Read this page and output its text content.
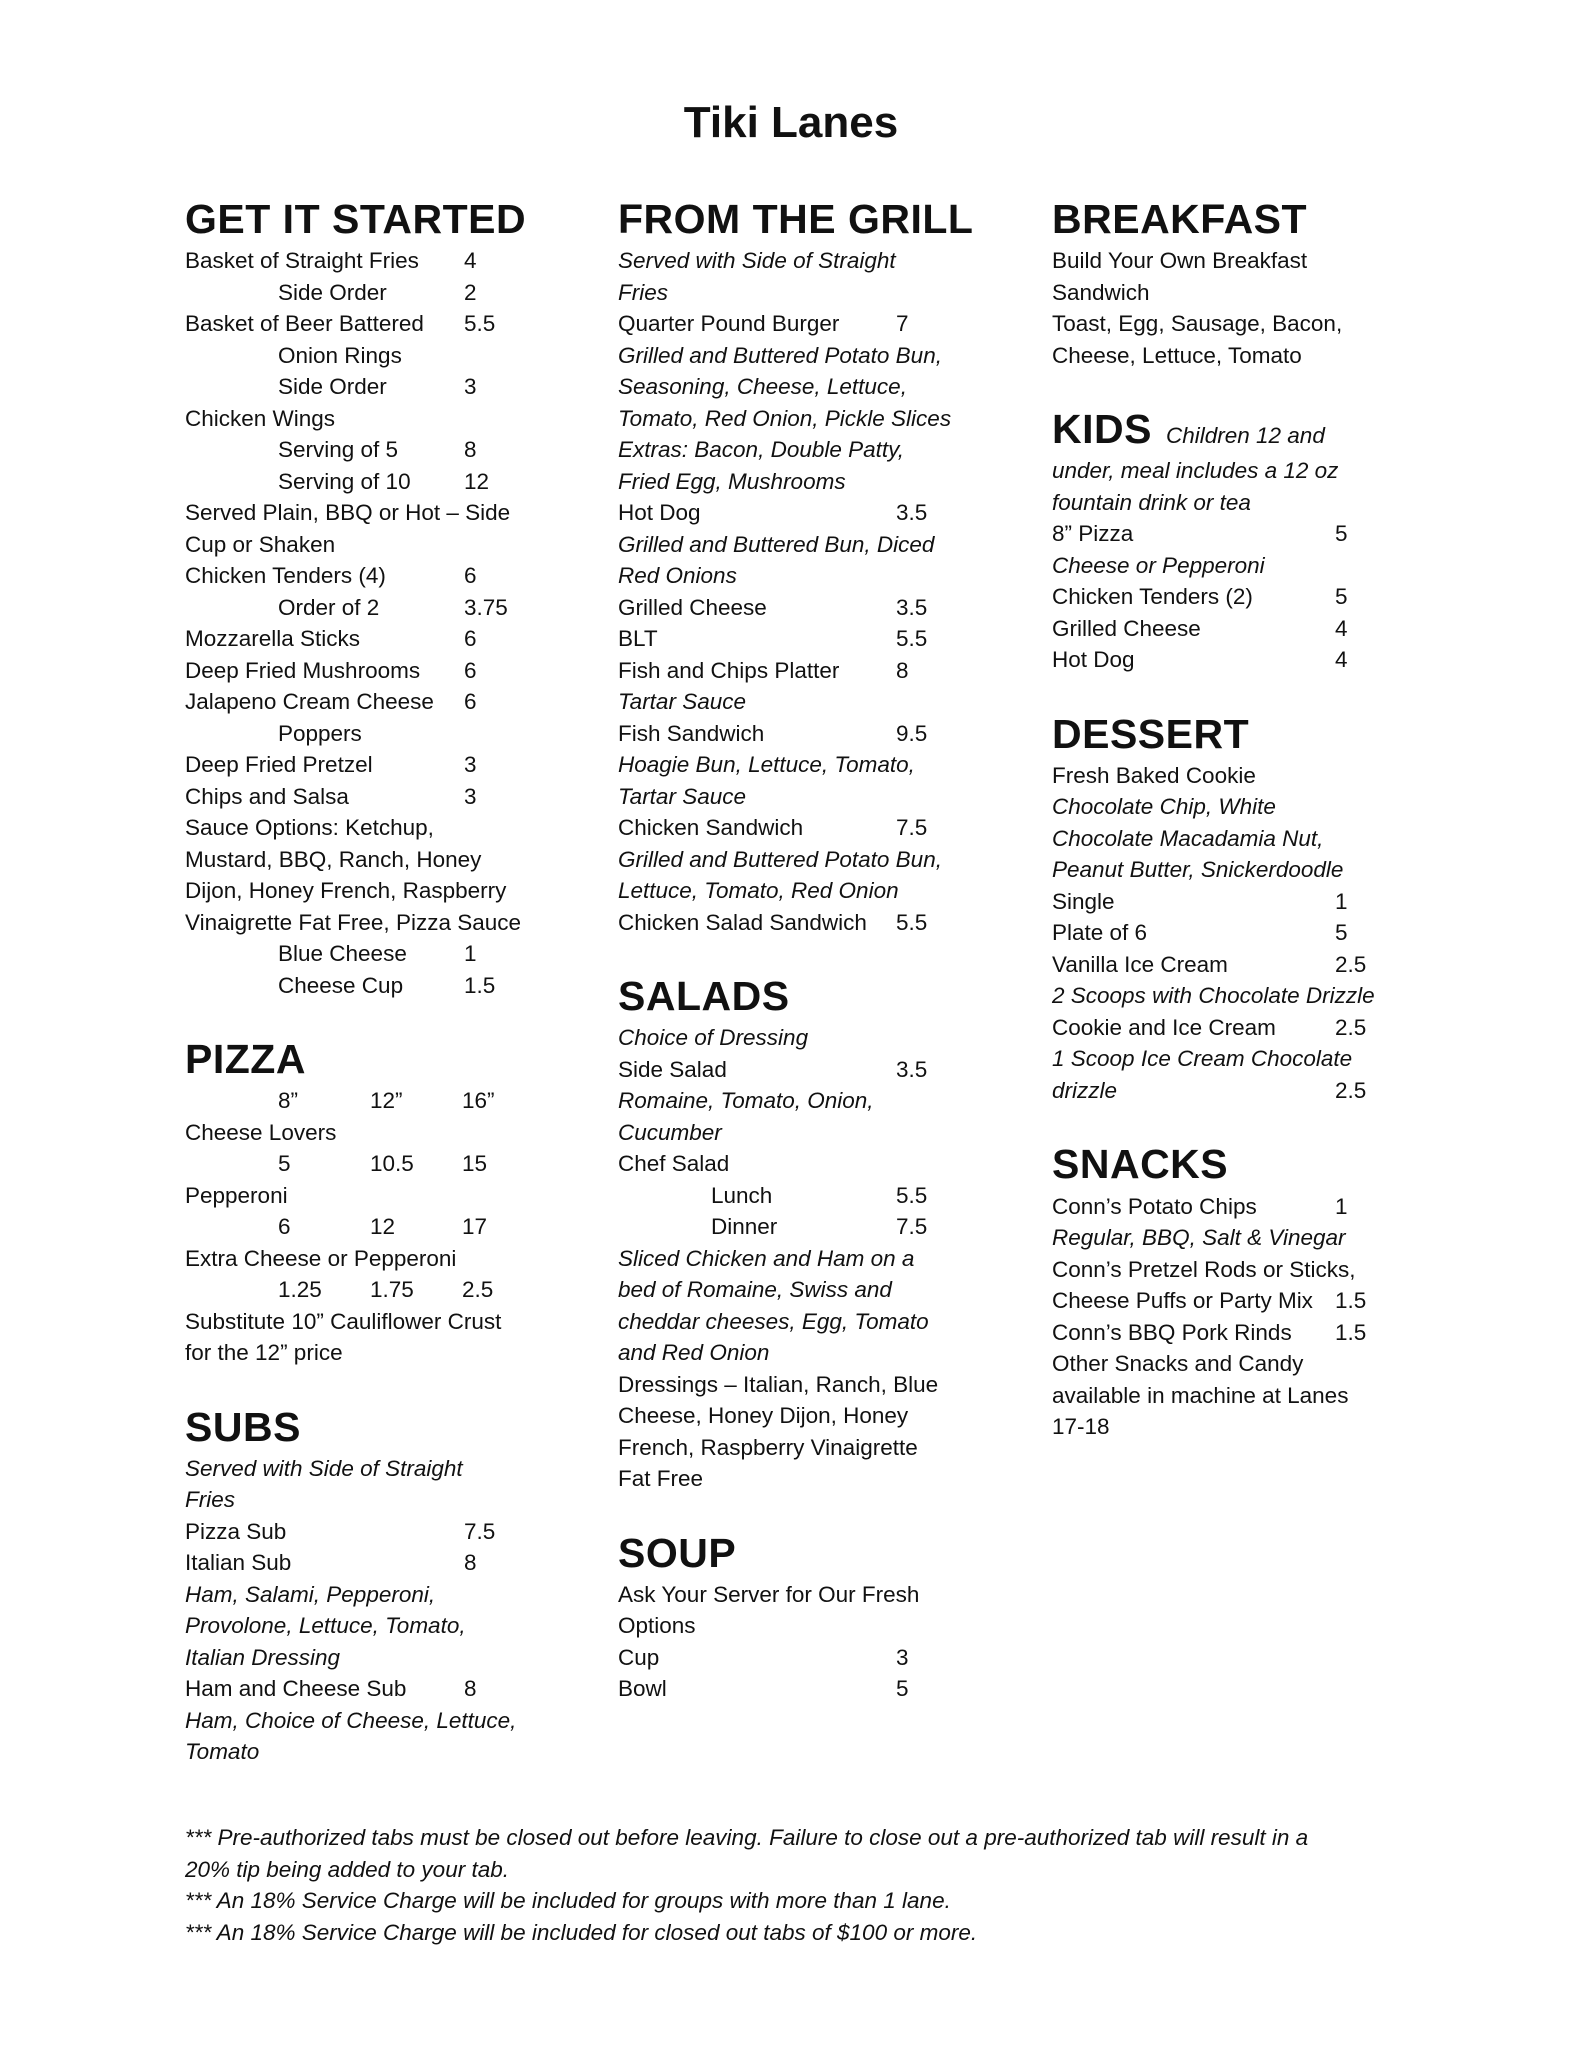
Tiki Lanes
GET IT STARTED
Basket of Straight Fries 4
Side Order	2
Basket of Beer Battered 5.5
Onion Rings
Side Order	3
Chicken Wings
Serving of 5	8
Serving of 10 12
Served Plain, BBQ or Hot – Side
Cup or Shaken
Chicken Tenders (4)	6
Order of 2	3.75
Mozzarella Sticks	6
Deep Fried Mushrooms 6
Jalapeno Cream Cheese 6
Poppers
Deep Fried Pretzel	3
Chips and Salsa	3
Sauce Options: Ketchup,
Mustard, BBQ, Ranch, Honey
Dijon, Honey French, Raspberry
Vinaigrette Fat Free, Pizza Sauce
Blue Cheese	1
Cheese Cup	1.5
PIZZA
8”	12”	16”
Cheese Lovers
5	10.5 15
Pepperoni
6	12	17
Extra Cheese or Pepperoni
1.25 1.75 2.5
Substitute 10” Cauliflower Crust
for the 12” price
SUBS
Served with Side of Straight
Fries
Pizza Sub	7.5
Italian Sub	8
Ham, Salami, Pepperoni,
Provolone, Lettuce, Tomato,
Italian Dressing
Ham and Cheese Sub	8
Ham, Choice of Cheese, Lettuce,
Tomato
FROM THE GRILL
Served with Side of Straight
Fries
Quarter Pound Burger	7
Grilled and Buttered Potato Bun,
Seasoning, Cheese, Lettuce,
Tomato, Red Onion, Pickle Slices
Extras: Bacon, Double Patty,
Fried Egg, Mushrooms
Hot Dog	3.5
Grilled and Buttered Bun, Diced
Red Onions
Grilled Cheese	3.5
BLT	5.5
Fish and Chips Platter	8
Tartar Sauce
Fish Sandwich	9.5
Hoagie Bun, Lettuce, Tomato,
Tartar Sauce
Chicken Sandwich	7.5
Grilled and Buttered Potato Bun,
Lettuce, Tomato, Red Onion
Chicken Salad Sandwich 5.5
SALADS
Choice of Dressing
Side Salad	3.5
Romaine, Tomato, Onion,
Cucumber
Chef Salad
Lunch	5.5
Dinner	7.5
Sliced Chicken and Ham on a
bed of Romaine, Swiss and
cheddar cheeses, Egg, Tomato
and Red Onion
Dressings – Italian, Ranch, Blue
Cheese, Honey Dijon, Honey
French, Raspberry Vinaigrette
Fat Free
SOUP
Ask Your Server for Our Fresh
Options
Cup	3
Bowl	5
BREAKFAST
Build Your Own Breakfast
Sandwich
Toast, Egg, Sausage, Bacon,
Cheese, Lettuce, Tomato
KIDS Children 12 and
under, meal includes a 12 oz
fountain drink or tea
8” Pizza	5
Cheese or Pepperoni
Chicken Tenders (2)	5
Grilled Cheese	4
Hot Dog	4
DESSERT
Fresh Baked Cookie
Chocolate Chip, White
Chocolate Macadamia Nut,
Peanut Butter, Snickerdoodle
Single	1
Plate of 6	5
Vanilla Ice Cream	2.5
2 Scoops with Chocolate Drizzle
Cookie and Ice Cream	2.5
1 Scoop Ice Cream Chocolate
drizzle	2.5
SNACKS
Conn’s Potato Chips	1
Regular, BBQ, Salt & Vinegar
Conn’s Pretzel Rods or Sticks,
Cheese Puffs or Party Mix 1.5
Conn’s BBQ Pork Rinds 1.5
Other Snacks and Candy
available in machine at Lanes
17-18
*** Pre-authorized tabs must be closed out before leaving. Failure to close out a pre-authorized tab will result in a
20% tip being added to your tab.
*** An 18% Service Charge will be included for groups with more than 1 lane.
*** An 18% Service Charge will be included for closed out tabs of $100 or more.
